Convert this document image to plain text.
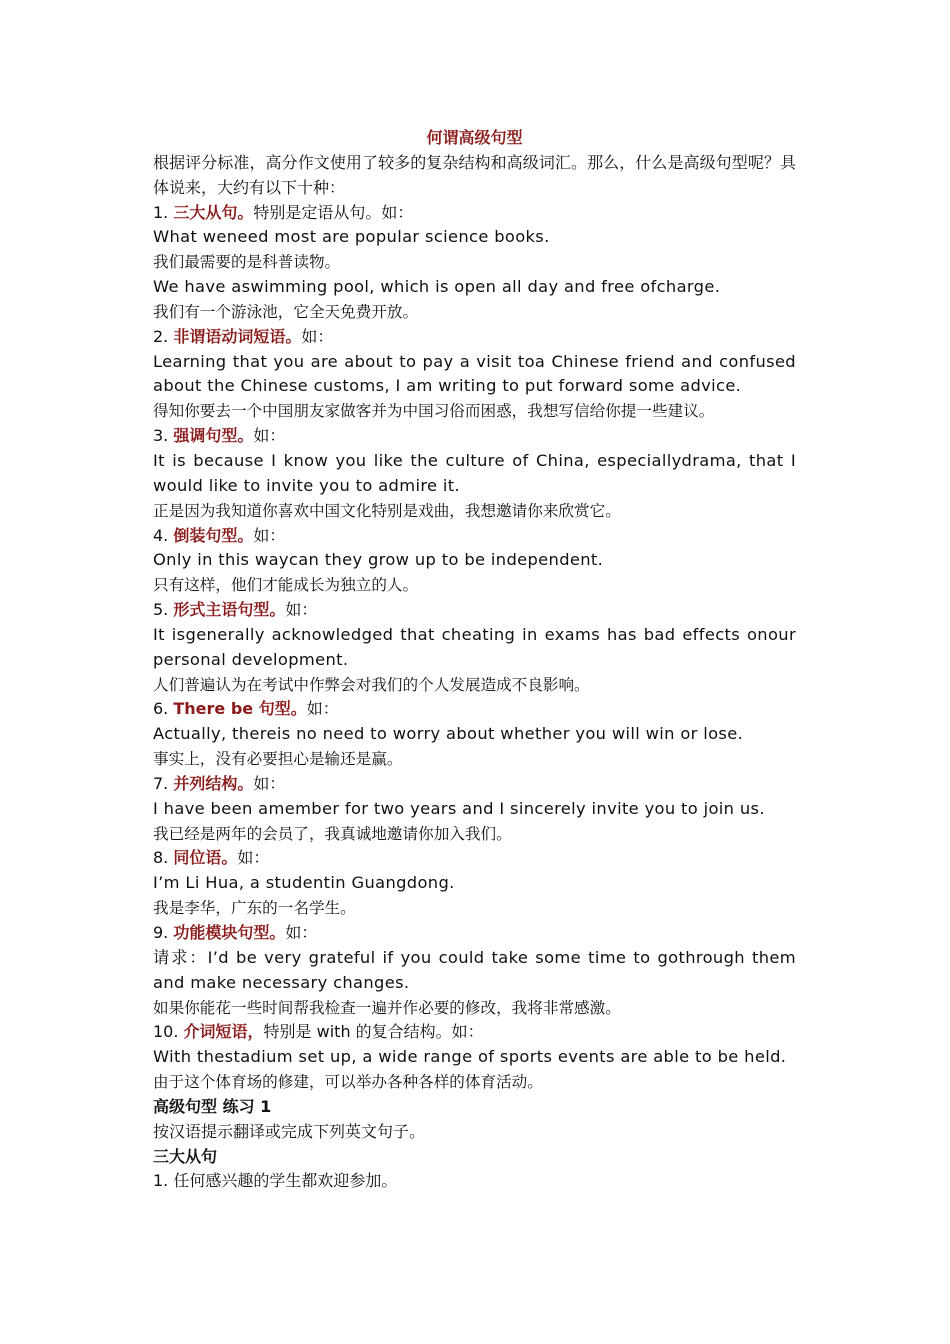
何谓高级句型
根据评分标准，高分作文使用了较多的复杂结构和高级词汇。那么，什么是高级句型呢？具体说来，大约有以下十种：
1. 三大从句。特别是定语从句。如：
What weneed most are popular science books.
我们最需要的是科普读物。
We have aswimming pool, which is open all day and free ofcharge.
我们有一个游泳池，它全天免费开放。
2. 非谓语动词短语。如：
Learning that you are about to pay a visit toa Chinese friend and confused about the Chinese customs, I am writing to put forward some advice.
得知你要去一个中国朋友家做客并为中国习俗而困惑，我想写信给你提一些建议。
3. 强调句型。如：
It is because I know you like the culture of China, especiallydrama, that I would like to invite you to admire it.
正是因为我知道你喜欢中国文化特别是戏曲，我想邀请你来欣赏它。
4. 倒装句型。如：
Only in this waycan they grow up to be independent.
只有这样，他们才能成长为独立的人。
5. 形式主语句型。如：
It isgenerally acknowledged that cheating in exams has bad effects onour personal development.
人们普遍认为在考试中作弊会对我们的个人发展造成不良影响。
6. There be 句型。如：
Actually, thereis no need to worry about whether you will win or lose.
事实上，没有必要担心是输还是赢。
7. 并列结构。如：
I have been amember for two years and I sincerely invite you to join us.
我已经是两年的会员了，我真诚地邀请你加入我们。
8. 同位语。如：
I’m Li Hua, a studentin Guangdong.
我是李华，广东的一名学生。
9. 功能模块句型。如：
请求：I’d be very grateful if you could take some time to gothrough them and make necessary changes.
如果你能花一些时间帮我检查一遍并作必要的修改，我将非常感激。
10. 介词短语，特别是 with 的复合结构。如：
With thestadium set up, a wide range of sports events are able to be held.
由于这个体育场的修建，可以举办各种各样的体育活动。
高级句型 练习 1
按汉语提示翻译或完成下列英文句子。
三大从句
1. 任何感兴趣的学生都欢迎参加。
